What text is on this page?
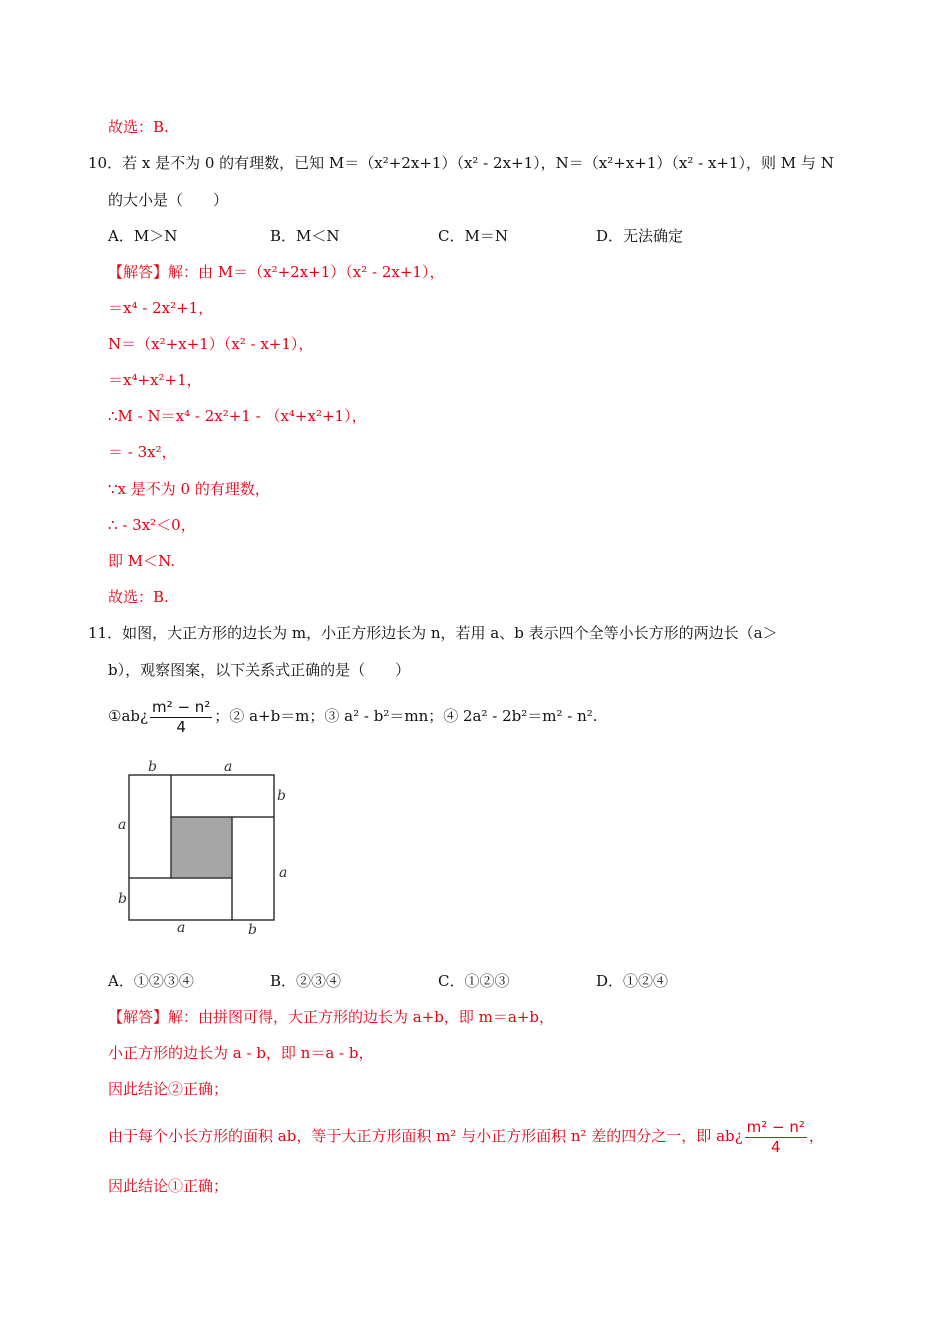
故选：B.
10．若 x 是不为 0 的有理数，已知 M＝（x²+2x+1）（x² - 2x+1），N＝（x²+x+1）（x² - x+1），则 M 与 N
的大小是（　　）
A．M＞N	B．M＜N	C．M＝N	D．无法确定
【解答】解：由 M＝（x²+2x+1）（x² - 2x+1），
＝x⁴ - 2x²+1，
N＝（x²+x+1）（x² - x+1），
＝x⁴+x²+1，
∴M - N＝x⁴ - 2x²+1 - （x⁴+x²+1），
＝ - 3x²，
∵x 是不为 0 的有理数，
∴ - 3x²＜0，
即 M＜N.
故选：B.
11．如图，大正方形的边长为 m，小正方形边长为 n，若用 a、b 表示四个全等小长方形的两边长（a＞
b），观察图案，以下关系式正确的是（　　）
①ab¿ $\frac{\text{m² − n²}}{4}$ ；② a+b＝m；③ a² - b²＝mn；④ 2a² - 2b²＝m² - n².
b	a
b
a
a
b
a	b
A．①②③④	B．②③④	C．①②③	D．①②④
【解答】解：由拼图可得，大正方形的边长为 a+b，即 m＝a+b，
小正方形的边长为 a - b，即 n＝a - b，
因此结论②正确；
由于每个小长方形的面积 ab，等于大正方形面积 m² 与小正方形面积 n² 差的四分之一，即 ab¿ $\frac{\text{m² − n²}}{4}$ ，
因此结论①正确；
